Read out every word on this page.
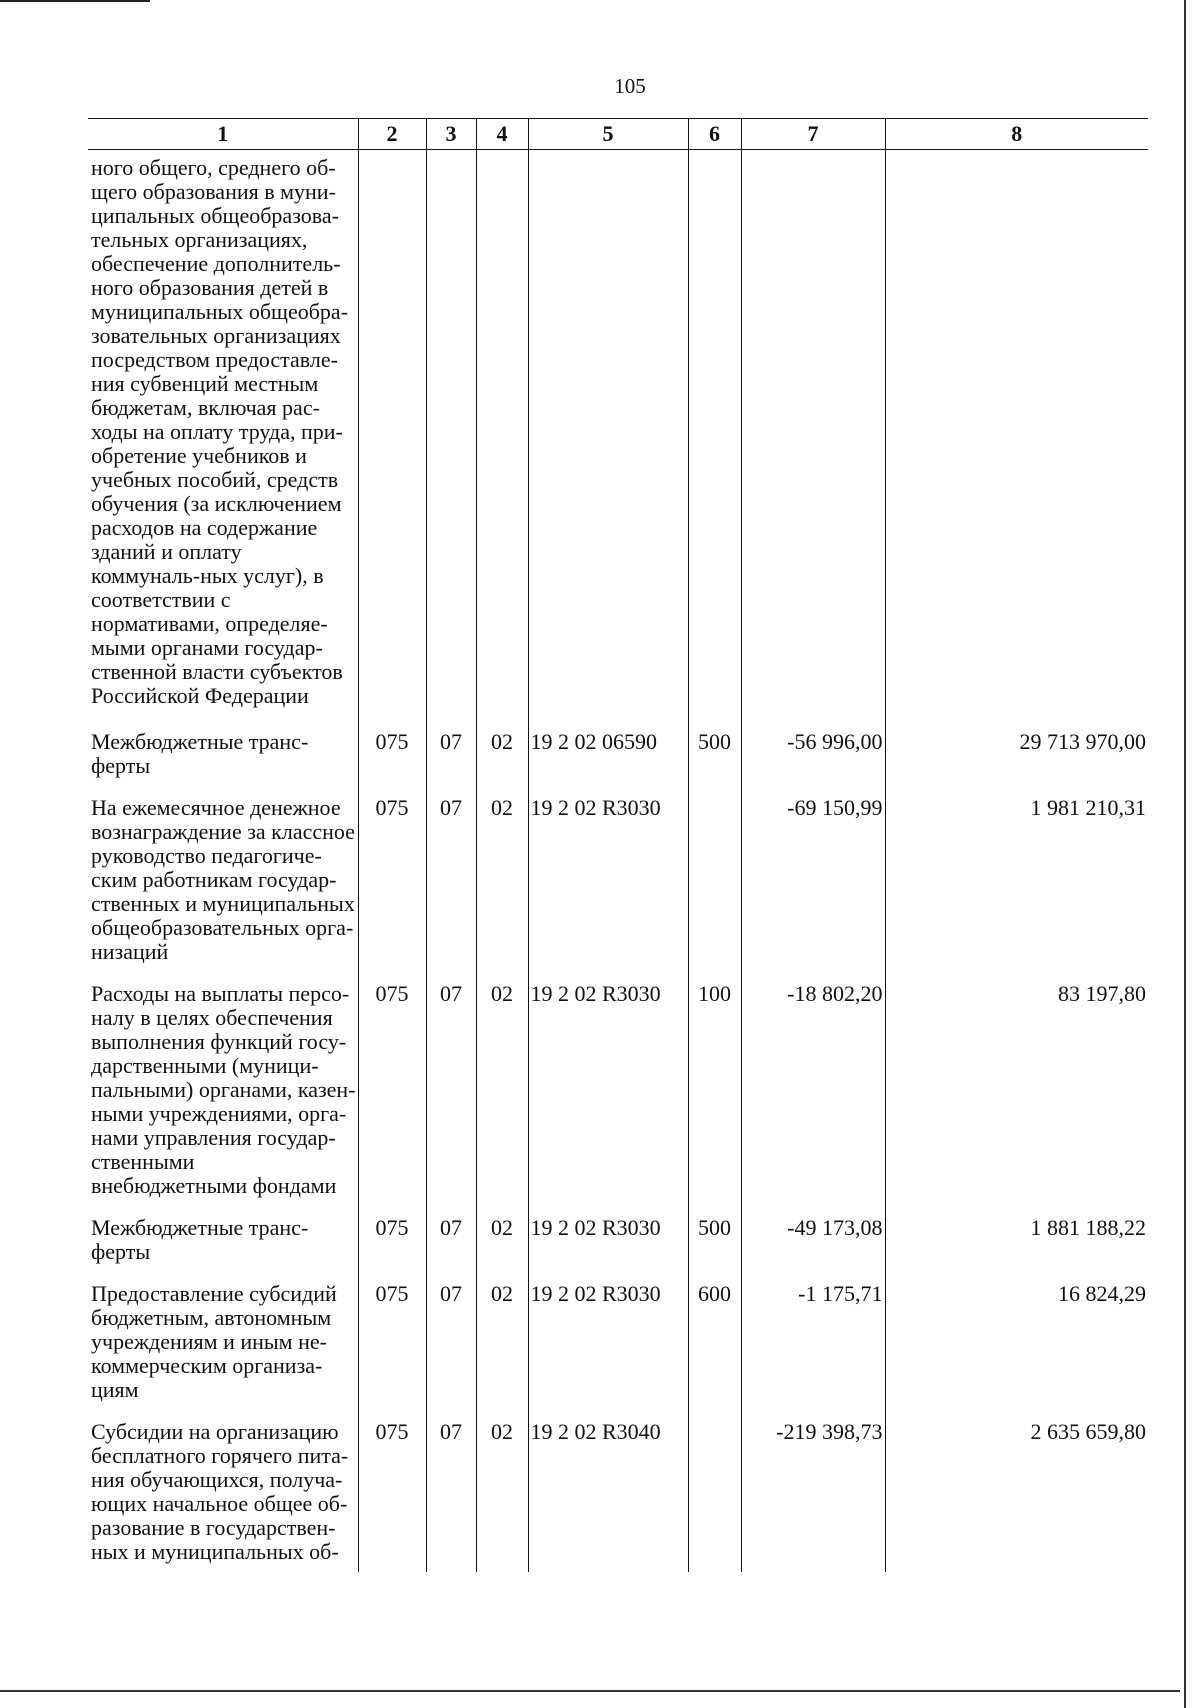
105
1	2	3	4	5	6	7	8
ного общего, среднего об-щего образования в муни-ципальных общеобразова-тельных организациях, обеспечение дополнитель-ного образования детей в муниципальных общеобра-зовательных организациях посредством предоставле-ния субвенций местным бюджетам, включая рас-ходы на оплату труда, при-обретение учебников и учебных пособий, средств обучения (за исключением расходов на содержание зданий и оплату коммуналь-ных услуг), в соответствии с нормативами, определяе-мыми органами государ-ственной власти субъектов Российской Федерации							
Межбюджетные транс-ферты	075	07	02	19 2 02 06590	500	-56 996,00	29 713 970,00
На ежемесячное денежное вознаграждение за классное руководство педагогиче-ским работникам государ-ственных и муниципальных общеобразовательных орга-низаций	075	07	02	19 2 02 R3030		-69 150,99	1 981 210,31
Расходы на выплаты персо-налу в целях обеспечения выполнения функций госу-дарственными (муници-пальными) органами, казен-ными учреждениями, орга-нами управления государ-ственными внебюджетными фондами	075	07	02	19 2 02 R3030	100	-18 802,20	83 197,80
Межбюджетные транс-ферты	075	07	02	19 2 02 R3030	500	-49 173,08	1 881 188,22
Предоставление субсидий бюджетным, автономным учреждениям и иным не-коммерческим организа-циям	075	07	02	19 2 02 R3030	600	-1 175,71	16 824,29
Субсидии на организацию бесплатного горячего пита-ния обучающихся, получа-ющих начальное общее об-разование в государствен-ных и муниципальных об-	075	07	02	19 2 02 R3040		-219 398,73	2 635 659,80
